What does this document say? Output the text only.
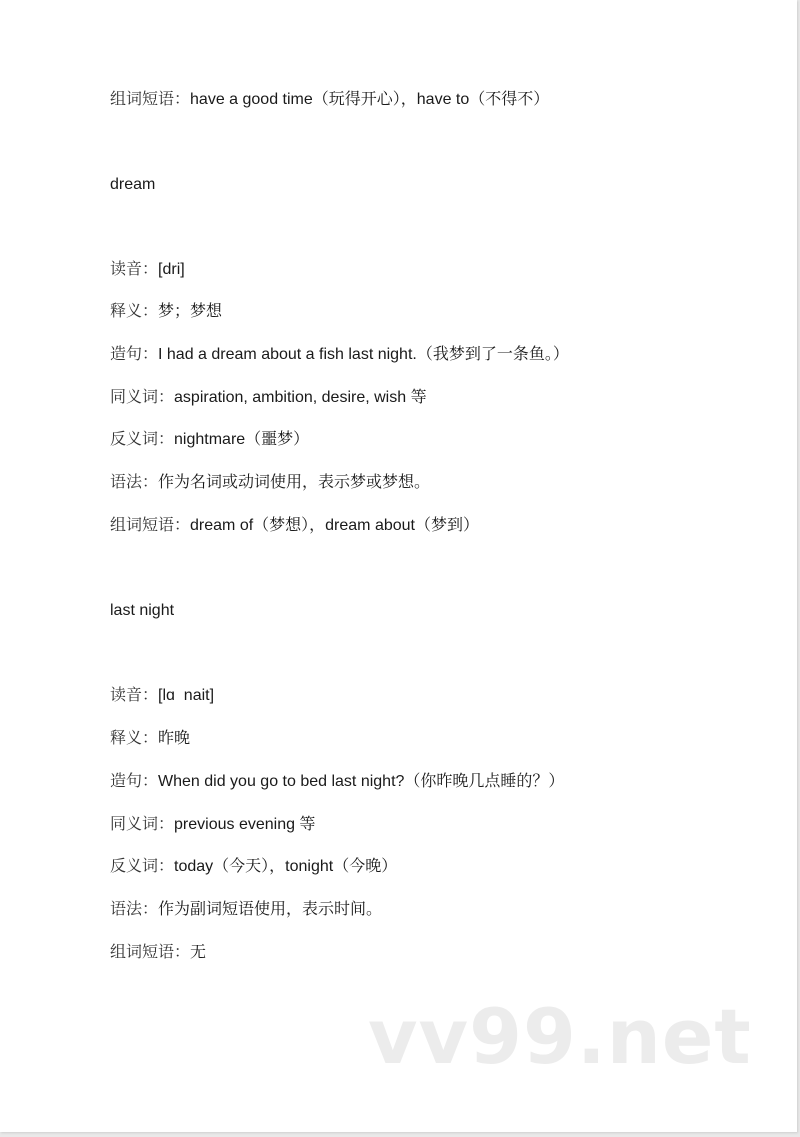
组词短语：have a good time（玩得开心），have to（不得不）
dream
读音：[dri]
释义：梦；梦想
造句：I had a dream about a fish last night.（我梦到了一条鱼。）
同义词：aspiration, ambition, desire, wish 等
反义词：nightmare（噩梦）
语法：作为名词或动词使用，表示梦或梦想。
组词短语：dream of（梦想），dream about（梦到）
last night
读音：[lɑ  nait]
释义：昨晚
造句：When did you go to bed last night?（你昨晚几点睡的？）
同义词：previous evening 等
反义词：today（今天），tonight（今晚）
语法：作为副词短语使用，表示时间。
组词短语：无
vv99.net
